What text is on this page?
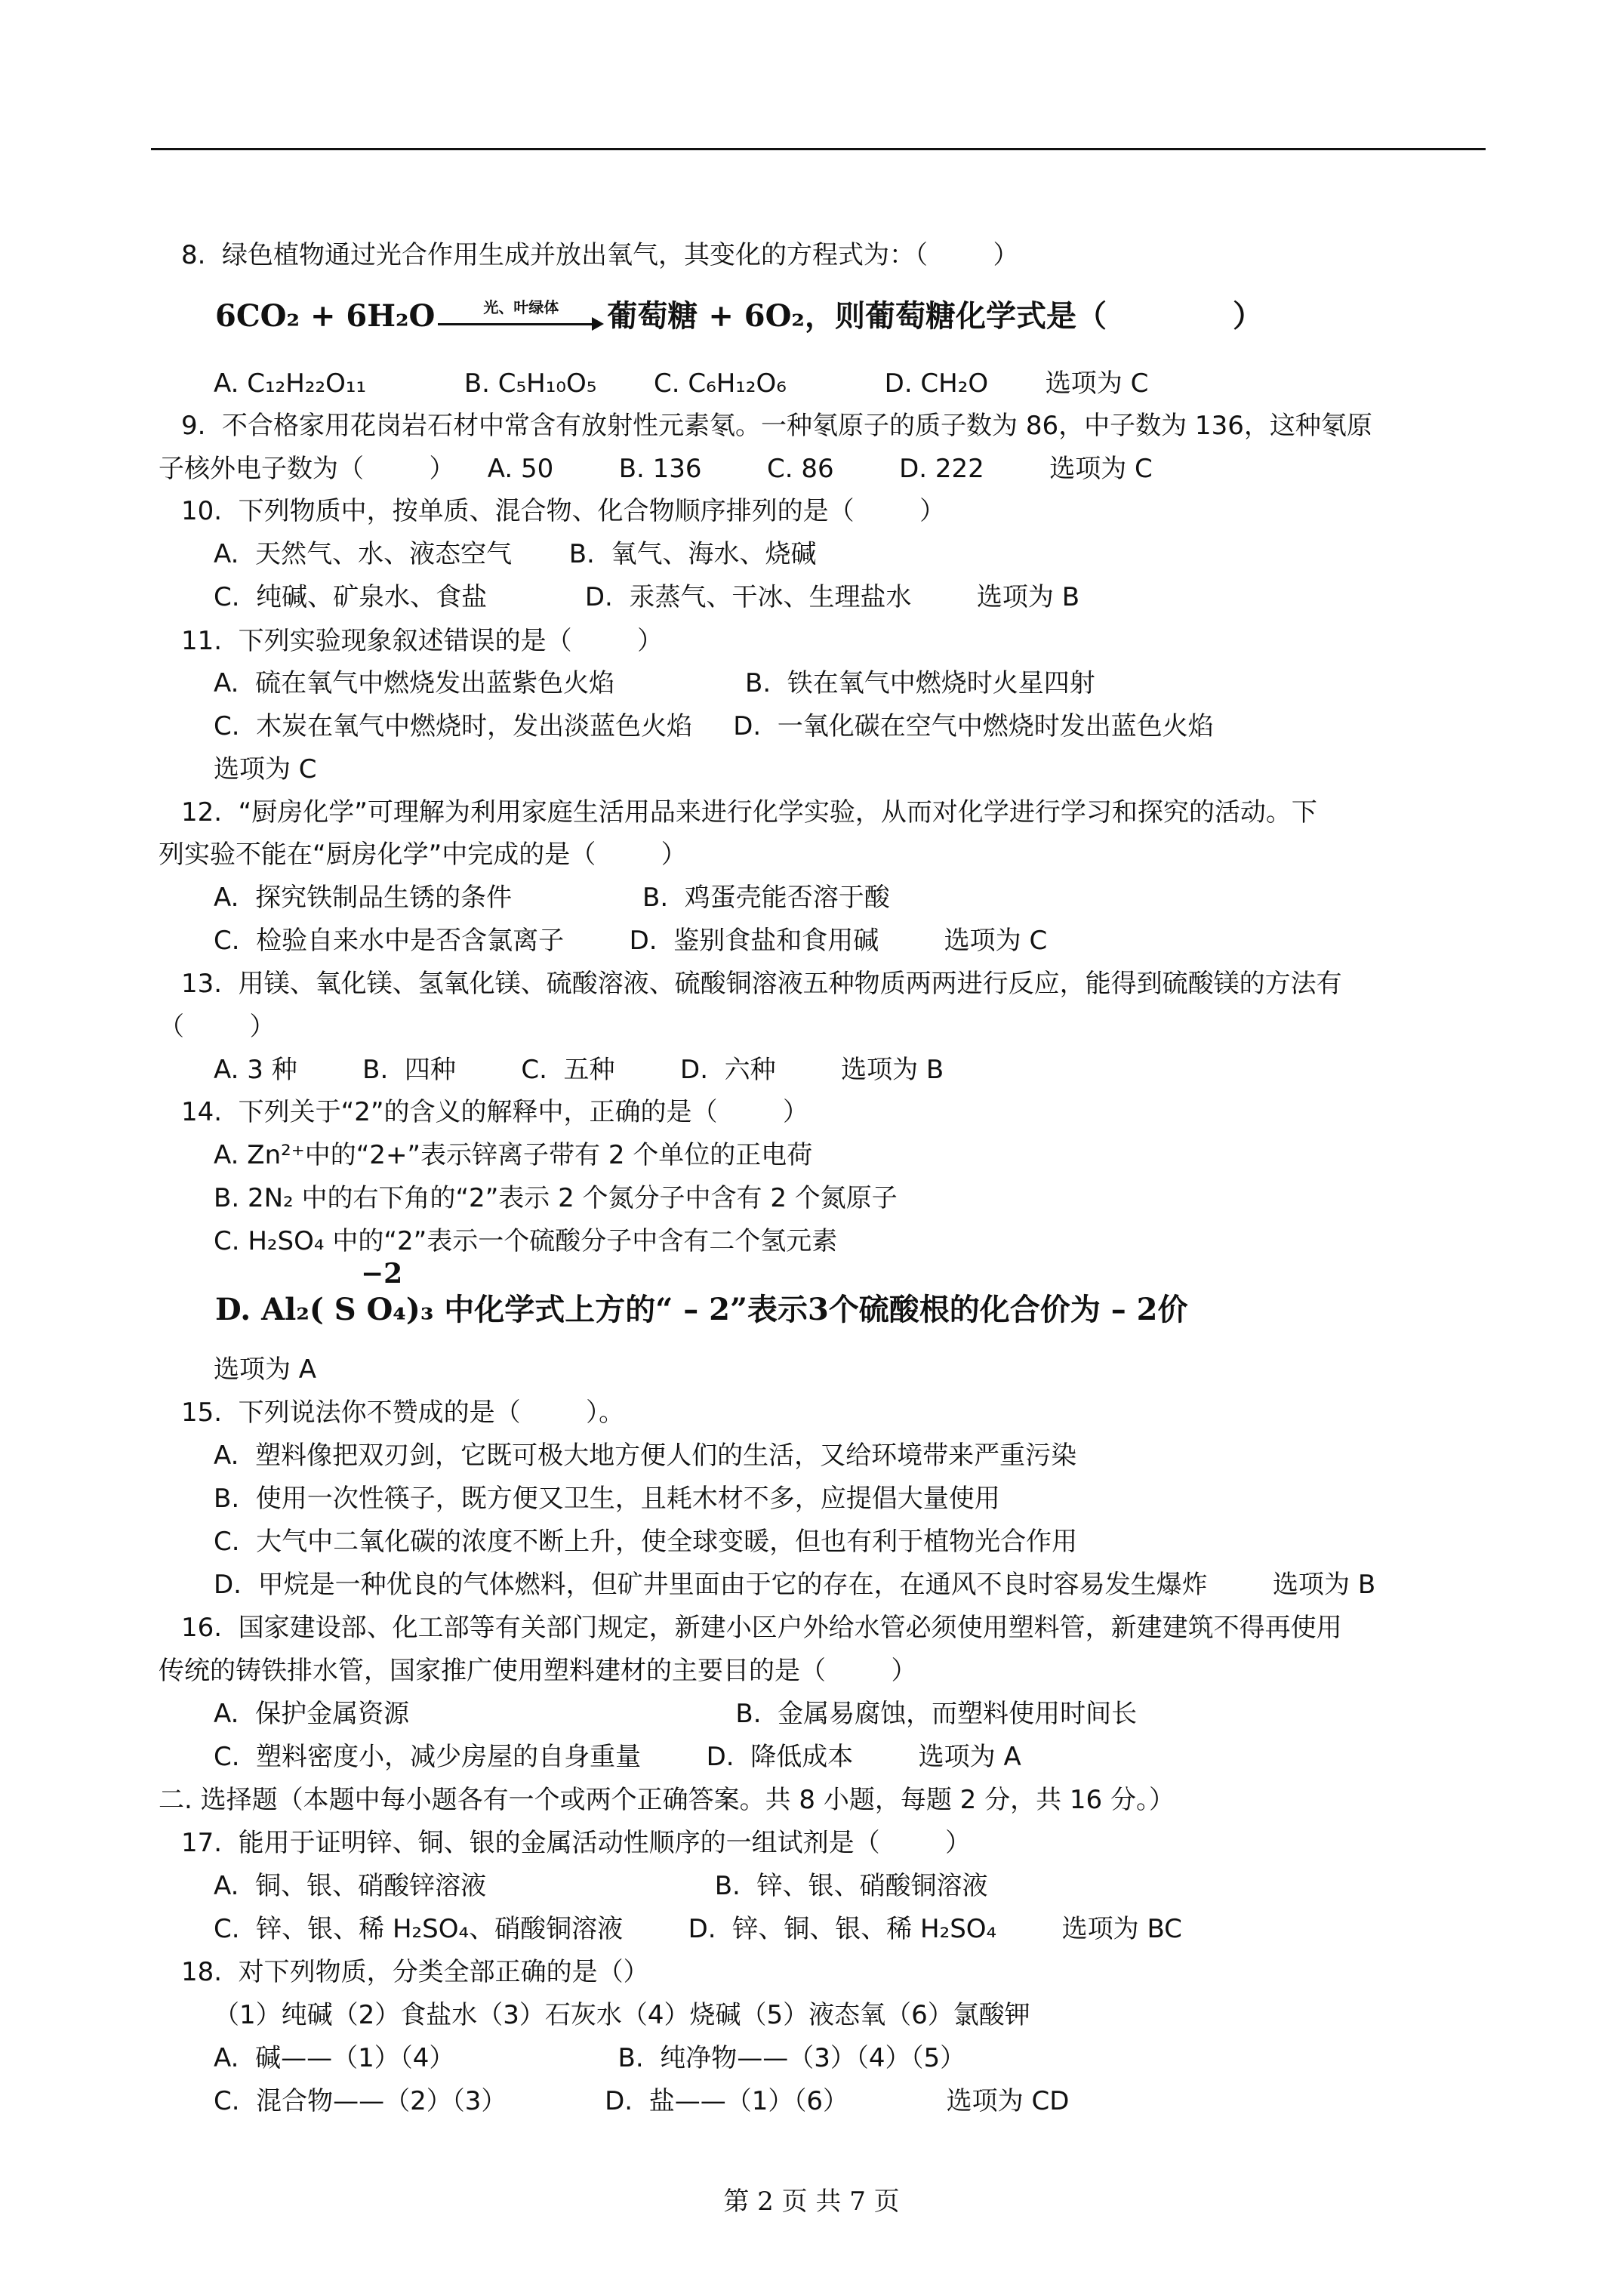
8.  绿色植物通过光合作用生成并放出氧气，其变化的方程式为：（        ）
6CO₂ + 6H₂O	光、叶绿体	葡萄糖 + 6O₂，则葡萄糖化学式是（            ）
A. C₁₂H₂₂O₁₁            B. C₅H₁₀O₅       C. C₆H₁₂O₆            D. CH₂O       选项为 C
9.  不合格家用花岗岩石材中常含有放射性元素氡。一种氡原子的质子数为 86，中子数为 136，这种氡原
子核外电子数为（        ）    A. 50        B. 136        C. 86        D. 222        选项为 C
10.  下列物质中，按单质、混合物、化合物顺序排列的是（        ）
A.  天然气、水、液态空气       B.  氧气、海水、烧碱
C.  纯碱、矿泉水、食盐            D.  汞蒸气、干冰、生理盐水        选项为 B
11.  下列实验现象叙述错误的是（        ）
A.  硫在氧气中燃烧发出蓝紫色火焰                B.  铁在氧气中燃烧时火星四射
C.  木炭在氧气中燃烧时，发出淡蓝色火焰     D.  一氧化碳在空气中燃烧时发出蓝色火焰
选项为 C
12.  “厨房化学”可理解为利用家庭生活用品来进行化学实验，从而对化学进行学习和探究的活动。下
列实验不能在“厨房化学”中完成的是（        ）
A.  探究铁制品生锈的条件                B.  鸡蛋壳能否溶于酸
C.  检验自来水中是否含氯离子        D.  鉴别食盐和食用碱        选项为 C
13.  用镁、氧化镁、氢氧化镁、硫酸溶液、硫酸铜溶液五种物质两两进行反应，能得到硫酸镁的方法有
（        ）
A. 3 种        B.  四种        C.  五种        D.  六种        选项为 B
14.  下列关于“2”的含义的解释中，正确的是（        ）
A. Zn²⁺中的“2+”表示锌离子带有 2 个单位的正电荷
B. 2N₂ 中的右下角的“2”表示 2 个氮分子中含有 2 个氮原子
C. H₂SO₄ 中的“2”表示一个硫酸分子中含有二个氢元素
−2
D. Al₂( S O₄)₃ 中化学式上方的“ – 2”表示3个硫酸根的化合价为 – 2价
选项为 A
15.  下列说法你不赞成的是（        ）。
A.  塑料像把双刃剑，它既可极大地方便人们的生活，又给环境带来严重污染
B.  使用一次性筷子，既方便又卫生，且耗木材不多，应提倡大量使用
C.  大气中二氧化碳的浓度不断上升，使全球变暖，但也有利于植物光合作用
D.  甲烷是一种优良的气体燃料，但矿井里面由于它的存在，在通风不良时容易发生爆炸        选项为 B
16.  国家建设部、化工部等有关部门规定，新建小区户外给水管必须使用塑料管，新建建筑不得再使用
传统的铸铁排水管，国家推广使用塑料建材的主要目的是（        ）
A.  保护金属资源                                        B.  金属易腐蚀，而塑料使用时间长
C.  塑料密度小，减少房屋的自身重量        D.  降低成本        选项为 A
二. 选择题（本题中每小题各有一个或两个正确答案。共 8 小题，每题 2 分，共 16 分。）
17.  能用于证明锌、铜、银的金属活动性顺序的一组试剂是（        ）
A.  铜、银、硝酸锌溶液                            B.  锌、银、硝酸铜溶液
C.  锌、银、稀 H₂SO₄、硝酸铜溶液        D.  锌、铜、银、稀 H₂SO₄        选项为 BC
18.  对下列物质，分类全部正确的是（）
（1）纯碱（2）食盐水（3）石灰水（4）烧碱（5）液态氧（6）氯酸钾
A.  碱——（1）（4）                    B.  纯净物——（3）（4）（5）
C.  混合物——（2）（3）            D.  盐——（1）（6）            选项为 CD
第 2 页 共 7 页
